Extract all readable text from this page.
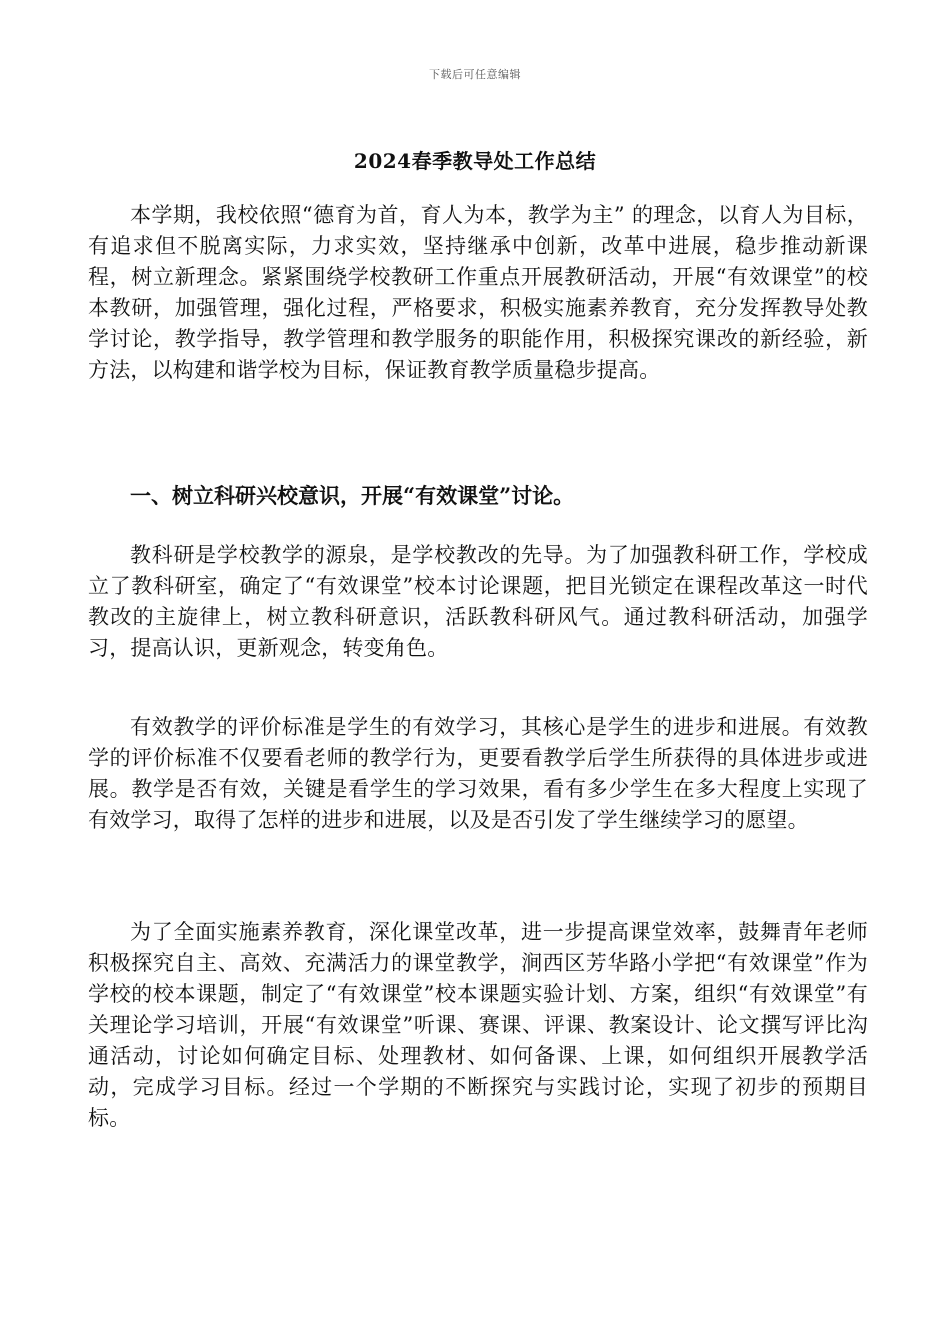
下载后可任意编辑
2024春季教导处工作总结

本学期，我校依照“德育为首，育人为本，教学为主” 的理念，以育人为目标，有追求但不脱离实际，力求实效，坚持继承中创新，改革中进展，稳步推动新课程，树立新理念。紧紧围绕学校教研工作重点开展教研活动，开展“有效课堂”的校本教研，加强管理，强化过程，严格要求，积极实施素养教育，充分发挥教导处教学讨论，教学指导，教学管理和教学服务的职能作用，积极探究课改的新经验，新方法，以构建和谐学校为目标，保证教育教学质量稳步提高。

一、树立科研兴校意识，开展“有效课堂”讨论。

教科研是学校教学的源泉，是学校教改的先导。为了加强教科研工作，学校成立了教科研室，确定了“有效课堂”校本讨论课题，把目光锁定在课程改革这一时代教改的主旋律上，树立教科研意识，活跃教科研风气。通过教科研活动，加强学习，提高认识，更新观念，转变角色。

有效教学的评价标准是学生的有效学习，其核心是学生的进步和进展。有效教学的评价标准不仅要看老师的教学行为，更要看教学后学生所获得的具体进步或进展。教学是否有效，关键是看学生的学习效果，看有多少学生在多大程度上实现了有效学习，取得了怎样的进步和进展，以及是否引发了学生继续学习的愿望。

为了全面实施素养教育，深化课堂改革，进一步提高课堂效率，鼓舞青年老师积极探究自主、高效、充满活力的课堂教学，涧西区芳华路小学把“有效课堂”作为学校的校本课题，制定了“有效课堂”校本课题实验计划、方案，组织“有效课堂”有关理论学习培训，开展“有效课堂”听课、赛课、评课、教案设计、论文撰写评比沟通活动，讨论如何确定目标、处理教材、如何备课、上课，如何组织开展教学活动，完成学习目标。经过一个学期的不断探究与实践讨论，实现了初步的预期目标。
